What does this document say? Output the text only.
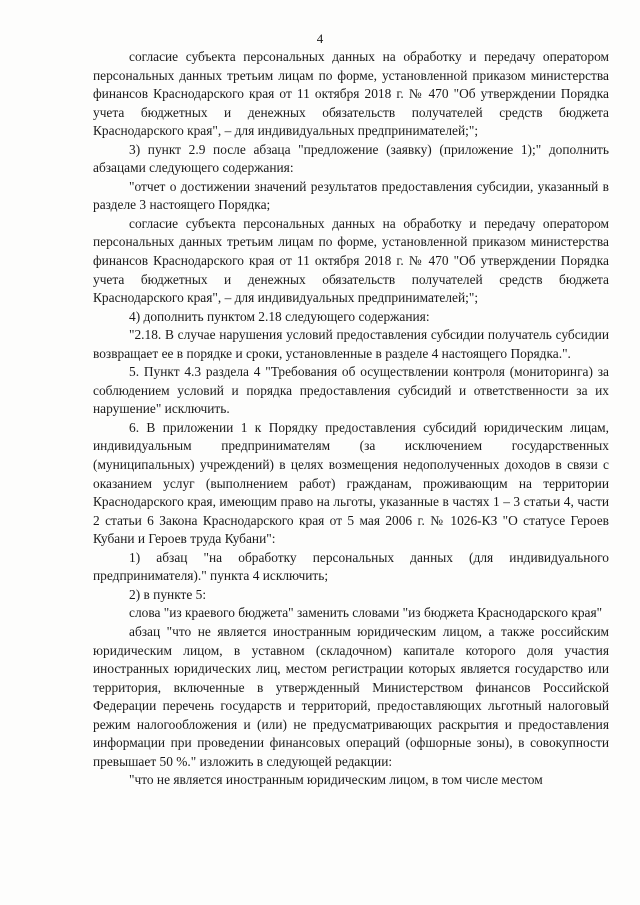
4

согласие субъекта персональных данных на обработку и передачу оператором персональных данных третьим лицам по форме, установленной приказом министерства финансов Краснодарского края от 11 октября 2018 г. № 470 "Об утверждении Порядка учета бюджетных и денежных обязательств получателей средств бюджета Краснодарского края", – для индивидуальных предпринимателей;";

3) пункт 2.9 после абзаца "предложение (заявку) (приложение 1);" дополнить абзацами следующего содержания:

"отчет о достижении значений результатов предоставления субсидии, указанный в разделе 3 настоящего Порядка;

согласие субъекта персональных данных на обработку и передачу оператором персональных данных третьим лицам по форме, установленной приказом министерства финансов Краснодарского края от 11 октября 2018 г. № 470 "Об утверждении Порядка учета бюджетных и денежных обязательств получателей средств бюджета Краснодарского края", – для индивидуальных предпринимателей;";

4) дополнить пунктом 2.18 следующего содержания:

"2.18. В случае нарушения условий предоставления субсидии получатель субсидии возвращает ее в порядке и сроки, установленные в разделе 4 настоящего Порядка.".

5. Пункт 4.3 раздела 4 "Требования об осуществлении контроля (мониторинга) за соблюдением условий и порядка предоставления субсидий и ответственности за их нарушение" исключить.

6. В приложении 1 к Порядку предоставления субсидий юридическим лицам, индивидуальным предпринимателям (за исключением государственных (муниципальных) учреждений) в целях возмещения недополученных доходов в связи с оказанием услуг (выполнением работ) гражданам, проживающим на территории Краснодарского края, имеющим право на льготы, указанные в частях 1 – 3 статьи 4, части 2 статьи 6 Закона Краснодарского края от 5 мая 2006 г. № 1026-КЗ "О статусе Героев Кубани и Героев труда Кубани":

1) абзац "на обработку персональных данных (для индивидуального предпринимателя)." пункта 4 исключить;

2) в пункте 5:

слова "из краевого бюджета" заменить словами "из бюджета Краснодарского края"

абзац "что не является иностранным юридическим лицом, а также российским юридическим лицом, в уставном (складочном) капитале которого доля участия иностранных юридических лиц, местом регистрации которых является государство или территория, включенные в утвержденный Министерством финансов Российской Федерации перечень государств и территорий, предоставляющих льготный налоговый режим налогообложения и (или) не предусматривающих раскрытия и предоставления информации при проведении финансовых операций (офшорные зоны), в совокупности превышает 50 %." изложить в следующей редакции:

"что не является иностранным юридическим лицом, в том числе местом
